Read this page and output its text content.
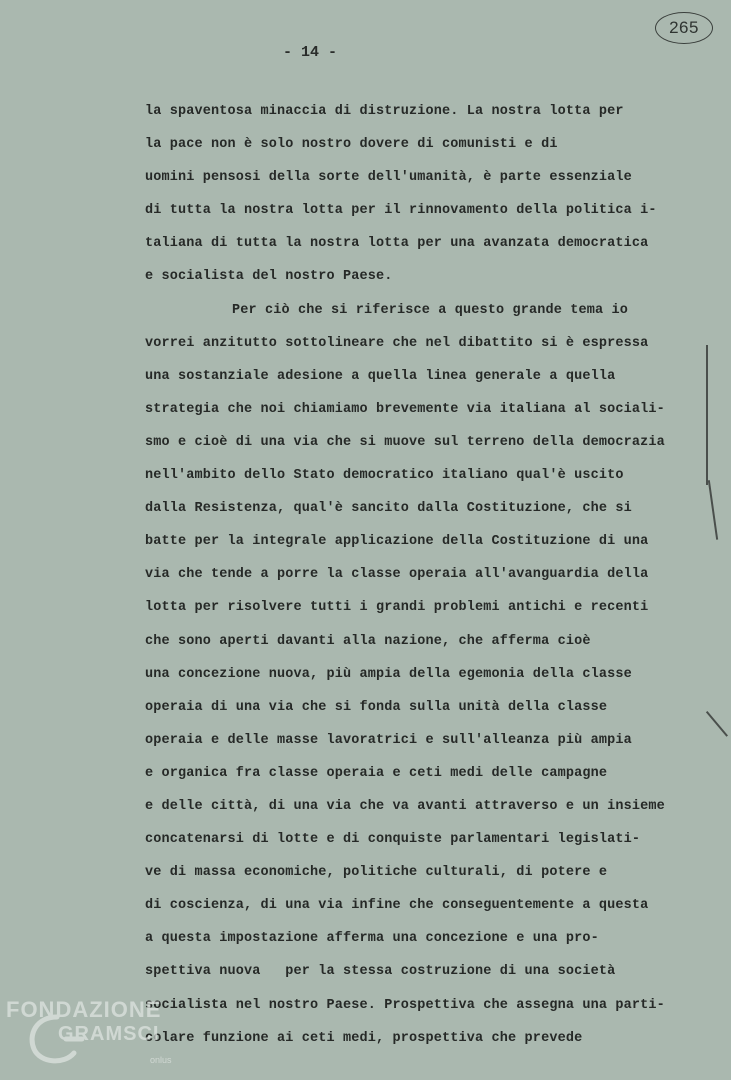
265
- 14 -
la spaventosa minaccia di distruzione. La nostra lotta per
la pace non è solo nostro dovere di comunisti e di
uomini pensosi della sorte dell'umanità, è parte essenziale
di tutta la nostra lotta per il rinnovamento della politica i-
taliana di tutta la nostra lotta per una avanzata democratica
e socialista del nostro Paese.
Per ciò che si riferisce a questo grande tema io
vorrei anzitutto sottolineare che nel dibattito si è espressa
una sostanziale adesione a quella linea generale a quella
strategia che noi chiamiamo brevemente via italiana al sociali-
smo e cioè di una via che si muove sul terreno della democrazia
nell'ambito dello Stato democratico italiano qual'è uscito
dalla Resistenza, qual'è sancito dalla Costituzione, che si
batte per la integrale applicazione della Costituzione di una
via che tende a porre la classe operaia all'avanguardia della
lotta per risolvere tutti i grandi problemi antichi e recenti
che sono aperti davanti alla nazione, che afferma cioè
una concezione nuova, più ampia della egemonia della classe
operaia di una via che si fonda sulla unità della classe
operaia e delle masse lavoratrici e sull'alleanza più ampia
e organica fra classe operaia e ceti medi delle campagne
e delle città, di una via che va avanti attraverso e un insieme
concatenarsi di lotte e di conquiste parlamentari legislati-
ve di massa economiche, politiche culturali, di potere e
di coscienza, di una via infine che conseguentemente a questa
a questa impostazione afferma una concezione e una pro-
spettiva nuova   per la stessa costruzione di una società
socialista nel nostro Paese. Prospettiva che assegna una parti-
colare funzione ai ceti medi, prospettiva che prevede
FONDAZIONE
GRAMSCI
onlus
